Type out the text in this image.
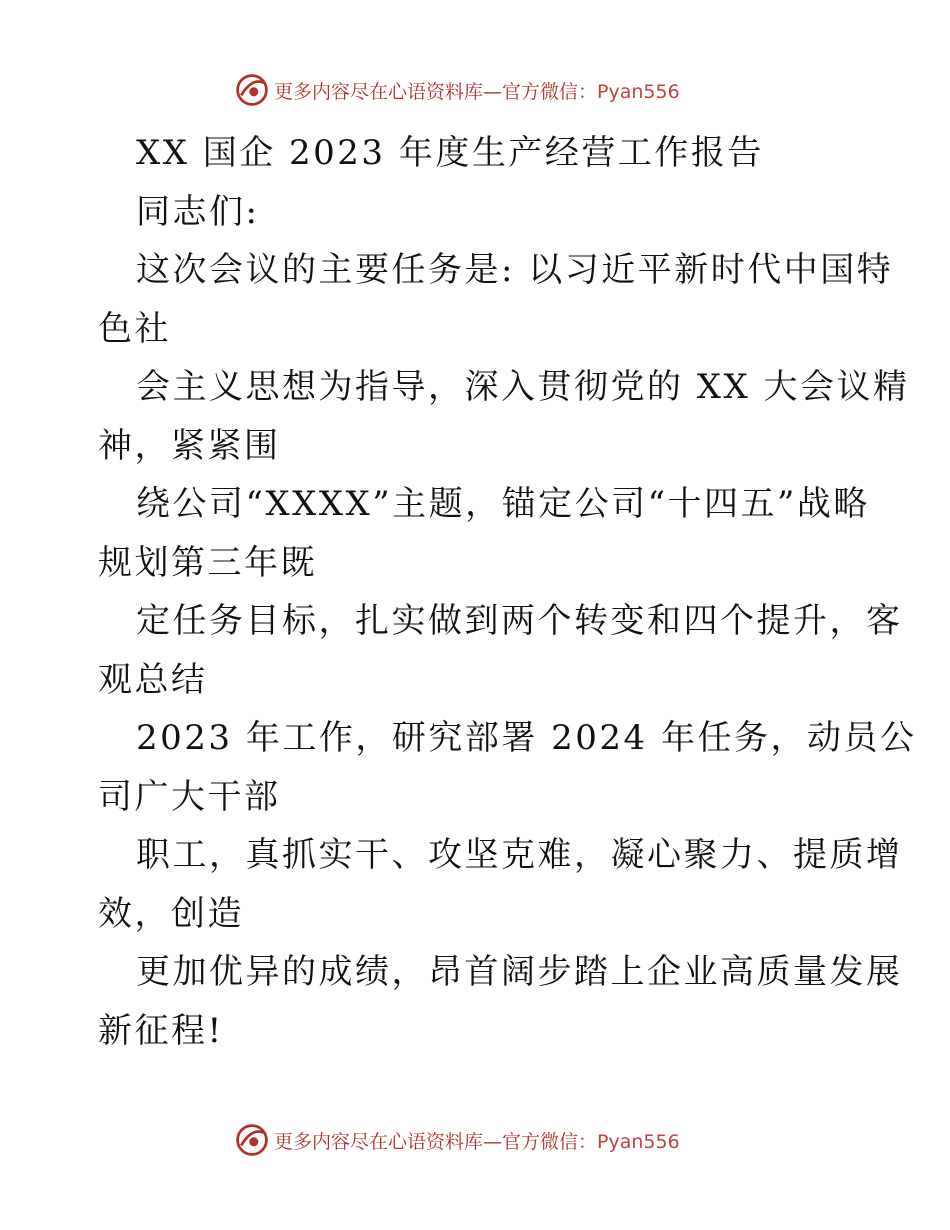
更多内容尽在心语资料库—官方微信：Pyan556
XX 国企 2023 年度生产经营工作报告
同志们:
这次会议的主要任务是: 以习近平新时代中国特
色社
会主义思想为指导，深入贯彻党的 XX 大会议精
神，紧紧围
绕公司“XXXX”主题，锚定公司“十四五”战略
规划第三年既
定任务目标，扎实做到两个转变和四个提升，客
观总结
2023 年工作，研究部署 2024 年任务，动员公
司广大干部
职工，真抓实干、攻坚克难，凝心聚力、提质增
效，创造
更加优异的成绩，昂首阔步踏上企业高质量发展
新征程!
更多内容尽在心语资料库—官方微信：Pyan556
